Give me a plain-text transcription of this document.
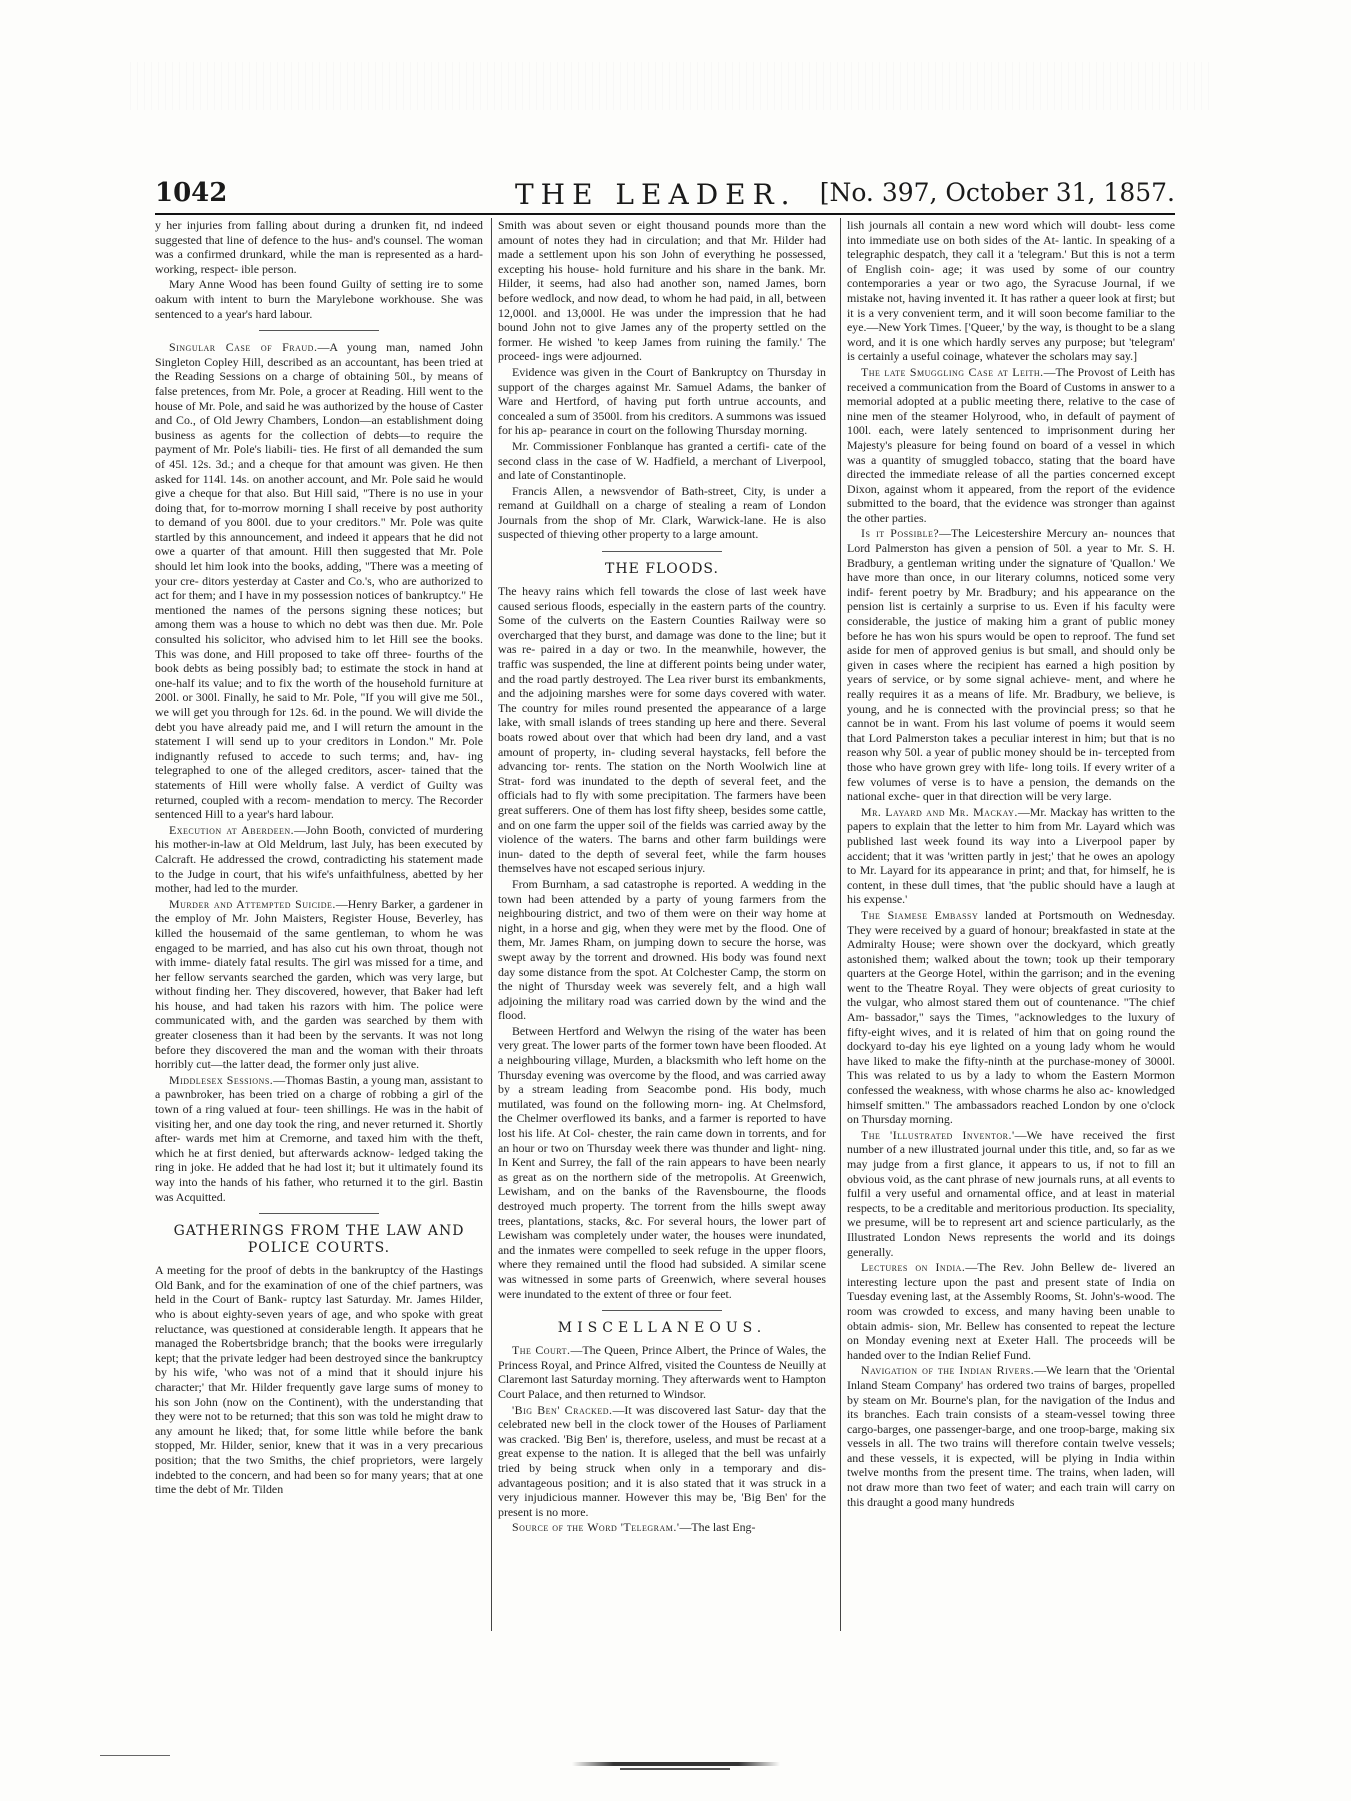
1042	THE LEADER. [No. 397, October 31, 1857.

y her injuries from falling about during a drunken fit, nd indeed suggested that line of defence to the hus- and's counsel. The woman was a confirmed drunkard, while the man is represented as a hard-working, respect- ible person.

Mary Anne Wood has been found Guilty of setting ire to some oakum with intent to burn the Marylebone workhouse. She was sentenced to a year's hard labour.

Singular Case of Fraud.—A young man, named John Singleton Copley Hill, described as an accountant, has been tried at the Reading Sessions on a charge of obtaining 50l., by means of false pretences, from Mr. Pole, a grocer at Reading. Hill went to the house of Mr. Pole, and said he was authorized by the house of Caster and Co., of Old Jewry Chambers, London—an establishment doing business as agents for the collection of debts—to require the payment of Mr. Pole's liabili- ties. He first of all demanded the sum of 45l. 12s. 3d.; and a cheque for that amount was given. He then asked for 114l. 14s. on another account, and Mr. Pole said he would give a cheque for that also. But Hill said, "There is no use in your doing that, for to-morrow morning I shall receive by post authority to demand of you 800l. due to your creditors." Mr. Pole was quite startled by this announcement, and indeed it appears that he did not owe a quarter of that amount. Hill then suggested that Mr. Pole should let him look into the books, adding, "There was a meeting of your cre- ditors yesterday at Caster and Co.'s, who are authorized to act for them; and I have in my possession notices of bankruptcy." He mentioned the names of the persons signing these notices; but among them was a house to which no debt was then due. Mr. Pole consulted his solicitor, who advised him to let Hill see the books. This was done, and Hill proposed to take off three- fourths of the book debts as being possibly bad; to estimate the stock in hand at one-half its value; and to fix the worth of the household furniture at 200l. or 300l. Finally, he said to Mr. Pole, "If you will give me 50l., we will get you through for 12s. 6d. in the pound. We will divide the debt you have already paid me, and I will return the amount in the statement I will send up to your creditors in London." Mr. Pole indignantly refused to accede to such terms; and, hav- ing telegraphed to one of the alleged creditors, ascer- tained that the statements of Hill were wholly false. A verdict of Guilty was returned, coupled with a recom- mendation to mercy. The Recorder sentenced Hill to a year's hard labour.

Execution at Aberdeen.—John Booth, convicted of murdering his mother-in-law at Old Meldrum, last July, has been executed by Calcraft. He addressed the crowd, contradicting his statement made to the Judge in court, that his wife's unfaithfulness, abetted by her mother, had led to the murder.

Murder and Attempted Suicide.—Henry Barker, a gardener in the employ of Mr. John Maisters, Register House, Beverley, has killed the housemaid of the same gentleman, to whom he was engaged to be married, and has also cut his own throat, though not with imme- diately fatal results. The girl was missed for a time, and her fellow servants searched the garden, which was very large, but without finding her. They discovered, however, that Baker had left his house, and had taken his razors with him. The police were communicated with, and the garden was searched by them with greater closeness than it had been by the servants. It was not long before they discovered the man and the woman with their throats horribly cut—the latter dead, the former only just alive.

Middlesex Sessions.—Thomas Bastin, a young man, assistant to a pawnbroker, has been tried on a charge of robbing a girl of the town of a ring valued at four- teen shillings. He was in the habit of visiting her, and one day took the ring, and never returned it. Shortly after- wards met him at Cremorne, and taxed him with the theft, which he at first denied, but afterwards acknow- ledged taking the ring in joke. He added that he had lost it; but it ultimately found its way into the hands of his father, who returned it to the girl. Bastin was Acquitted.

GATHERINGS FROM THE LAW AND POLICE COURTS.

A meeting for the proof of debts in the bankruptcy of the Hastings Old Bank, and for the examination of one of the chief partners, was held in the Court of Bank- ruptcy last Saturday. Mr. James Hilder, who is about eighty-seven years of age, and who spoke with great reluctance, was questioned at considerable length. It appears that he managed the Robertsbridge branch; that the books were irregularly kept; that the private ledger had been destroyed since the bankruptcy by his wife, 'who was not of a mind that it should injure his character;' that Mr. Hilder frequently gave large sums of money to his son John (now on the Continent), with the understanding that they were not to be returned; that this son was told he might draw to any amount he liked; that, for some little while before the bank stopped, Mr. Hilder, senior, knew that it was in a very precarious position; that the two Smiths, the chief proprietors, were largely indebted to the concern, and had been so for many years; that at one time the debt of Mr. Tilden

Smith was about seven or eight thousand pounds more than the amount of notes they had in circulation; and that Mr. Hilder had made a settlement upon his son John of everything he possessed, excepting his house- hold furniture and his share in the bank. Mr. Hilder, it seems, had also had another son, named James, born before wedlock, and now dead, to whom he had paid, in all, between 12,000l. and 13,000l. He was under the impression that he had bound John not to give James any of the property settled on the former. He wished 'to keep James from ruining the family.' The proceed- ings were adjourned.

Evidence was given in the Court of Bankruptcy on Thursday in support of the charges against Mr. Samuel Adams, the banker of Ware and Hertford, of having put forth untrue accounts, and concealed a sum of 3500l. from his creditors. A summons was issued for his ap- pearance in court on the following Thursday morning.

Mr. Commissioner Fonblanque has granted a certifi- cate of the second class in the case of W. Hadfield, a merchant of Liverpool, and late of Constantinople.

Francis Allen, a newsvendor of Bath-street, City, is under a remand at Guildhall on a charge of stealing a ream of London Journals from the shop of Mr. Clark, Warwick-lane. He is also suspected of thieving other property to a large amount.

THE FLOODS.

The heavy rains which fell towards the close of last week have caused serious floods, especially in the eastern parts of the country. Some of the culverts on the Eastern Counties Railway were so overcharged that they burst, and damage was done to the line; but it was re- paired in a day or two. In the meanwhile, however, the traffic was suspended, the line at different points being under water, and the road partly destroyed. The Lea river burst its embankments, and the adjoining marshes were for some days covered with water. The country for miles round presented the appearance of a large lake, with small islands of trees standing up here and there. Several boats rowed about over that which had been dry land, and a vast amount of property, in- cluding several haystacks, fell before the advancing tor- rents. The station on the North Woolwich line at Strat- ford was inundated to the depth of several feet, and the officials had to fly with some precipitation. The farmers have been great sufferers. One of them has lost fifty sheep, besides some cattle, and on one farm the upper soil of the fields was carried away by the violence of the waters. The barns and other farm buildings were inun- dated to the depth of several feet, while the farm houses themselves have not escaped serious injury.

From Burnham, a sad catastrophe is reported. A wedding in the town had been attended by a party of young farmers from the neighbouring district, and two of them were on their way home at night, in a horse and gig, when they were met by the flood. One of them, Mr. James Rham, on jumping down to secure the horse, was swept away by the torrent and drowned. His body was found next day some distance from the spot. At Colchester Camp, the storm on the night of Thursday week was severely felt, and a high wall adjoining the military road was carried down by the wind and the flood.

Between Hertford and Welwyn the rising of the water has been very great. The lower parts of the former town have been flooded. At a neighbouring village, Murden, a blacksmith who left home on the Thursday evening was overcome by the flood, and was carried away by a stream leading from Seacombe pond. His body, much mutilated, was found on the following morn- ing. At Chelmsford, the Chelmer overflowed its banks, and a farmer is reported to have lost his life. At Col- chester, the rain came down in torrents, and for an hour or two on Thursday week there was thunder and light- ning. In Kent and Surrey, the fall of the rain appears to have been nearly as great as on the northern side of the metropolis. At Greenwich, Lewisham, and on the banks of the Ravensbourne, the floods destroyed much property. The torrent from the hills swept away trees, plantations, stacks, &c. For several hours, the lower part of Lewisham was completely under water, the houses were inundated, and the inmates were compelled to seek refuge in the upper floors, where they remained until the flood had subsided. A similar scene was witnessed in some parts of Greenwich, where several houses were inundated to the extent of three or four feet.

MISCELLANEOUS.

The Court.—The Queen, Prince Albert, the Prince of Wales, the Princess Royal, and Prince Alfred, visited the Countess de Neuilly at Claremont last Saturday morning. They afterwards went to Hampton Court Palace, and then returned to Windsor.

'Big Ben' Cracked.—It was discovered last Satur- day that the celebrated new bell in the clock tower of the Houses of Parliament was cracked. 'Big Ben' is, therefore, useless, and must be recast at a great expense to the nation. It is alleged that the bell was unfairly tried by being struck when only in a temporary and dis- advantageous position; and it is also stated that it was struck in a very injudicious manner. However this may be, 'Big Ben' for the present is no more.

Source of the Word 'Telegram.'—The last Eng-

lish journals all contain a new word which will doubt- less come into immediate use on both sides of the At- lantic. In speaking of a telegraphic despatch, they call it a 'telegram.' But this is not a term of English coin- age; it was used by some of our country contemporaries a year or two ago, the Syracuse Journal, if we mistake not, having invented it. It has rather a queer look at first; but it is a very convenient term, and it will soon become familiar to the eye.—New York Times. ['Queer,' by the way, is thought to be a slang word, and it is one which hardly serves any purpose; but 'telegram' is certainly a useful coinage, whatever the scholars may say.]

The late Smuggling Case at Leith.—The Provost of Leith has received a communication from the Board of Customs in answer to a memorial adopted at a public meeting there, relative to the case of nine men of the steamer Holyrood, who, in default of payment of 100l. each, were lately sentenced to imprisonment during her Majesty's pleasure for being found on board of a vessel in which was a quantity of smuggled tobacco, stating that the board have directed the immediate release of all the parties concerned except Dixon, against whom it appeared, from the report of the evidence submitted to the board, that the evidence was stronger than against the other parties.

Is it Possible?—The Leicestershire Mercury an- nounces that Lord Palmerston has given a pension of 50l. a year to Mr. S. H. Bradbury, a gentleman writing under the signature of 'Quallon.' We have more than once, in our literary columns, noticed some very indif- ferent poetry by Mr. Bradbury; and his appearance on the pension list is certainly a surprise to us. Even if his faculty were considerable, the justice of making him a grant of public money before he has won his spurs would be open to reproof. The fund set aside for men of approved genius is but small, and should only be given in cases where the recipient has earned a high position by years of service, or by some signal achieve- ment, and where he really requires it as a means of life. Mr. Bradbury, we believe, is young, and he is connected with the provincial press; so that he cannot be in want. From his last volume of poems it would seem that Lord Palmerston takes a peculiar interest in him; but that is no reason why 50l. a year of public money should be in- tercepted from those who have grown grey with life- long toils. If every writer of a few volumes of verse is to have a pension, the demands on the national exche- quer in that direction will be very large.

Mr. Layard and Mr. Mackay.—Mr. Mackay has written to the papers to explain that the letter to him from Mr. Layard which was published last week found its way into a Liverpool paper by accident; that it was 'written partly in jest;' that he owes an apology to Mr. Layard for its appearance in print; and that, for himself, he is content, in these dull times, that 'the public should have a laugh at his expense.'

The Siamese Embassy landed at Portsmouth on Wednesday. They were received by a guard of honour; breakfasted in state at the Admiralty House; were shown over the dockyard, which greatly astonished them; walked about the town; took up their temporary quarters at the George Hotel, within the garrison; and in the evening went to the Theatre Royal. They were objects of great curiosity to the vulgar, who almost stared them out of countenance. "The chief Am- bassador," says the Times, "acknowledges to the luxury of fifty-eight wives, and it is related of him that on going round the dockyard to-day his eye lighted on a young lady whom he would have liked to make the fifty-ninth at the purchase-money of 3000l. This was related to us by a lady to whom the Eastern Mormon confessed the weakness, with whose charms he also ac- knowledged himself smitten." The ambassadors reached London by one o'clock on Thursday morning.

The 'Illustrated Inventor.'—We have received the first number of a new illustrated journal under this title, and, so far as we may judge from a first glance, it appears to us, if not to fill an obvious void, as the cant phrase of new journals runs, at all events to fulfil a very useful and ornamental office, and at least in material respects, to be a creditable and meritorious production. Its speciality, we presume, will be to represent art and science particularly, as the Illustrated London News represents the world and its doings generally.

Lectures on India.—The Rev. John Bellew de- livered an interesting lecture upon the past and present state of India on Tuesday evening last, at the Assembly Rooms, St. John's-wood. The room was crowded to excess, and many having been unable to obtain admis- sion, Mr. Bellew has consented to repeat the lecture on Monday evening next at Exeter Hall. The proceeds will be handed over to the Indian Relief Fund.

Navigation of the Indian Rivers.—We learn that the 'Oriental Inland Steam Company' has ordered two trains of barges, propelled by steam on Mr. Bourne's plan, for the navigation of the Indus and its branches. Each train consists of a steam-vessel towing three cargo-barges, one passenger-barge, and one troop-barge, making six vessels in all. The two trains will therefore contain twelve vessels; and these vessels, it is expected, will be plying in India within twelve months from the present time. The trains, when laden, will not draw more than two feet of water; and each train will carry on this draught a good many hundreds
